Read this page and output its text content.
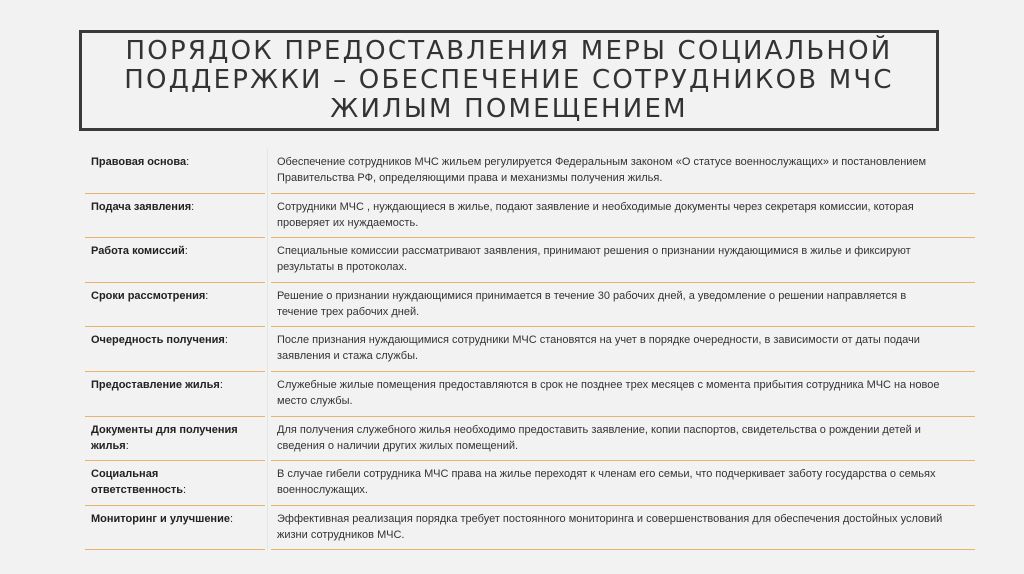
ПОРЯДОК ПРЕДОСТАВЛЕНИЯ МЕРЫ СОЦИАЛЬНОЙ ПОДДЕРЖКИ – ОБЕСПЕЧЕНИЕ СОТРУДНИКОВ МЧС ЖИЛЫМ ПОМЕЩЕНИЕМ
Правовая основа:	Обеспечение сотрудников МЧС жильем регулируется Федеральным законом «О статусе военнослужащих» и постановлением Правительства РФ, определяющими права и механизмы получения жилья.
Подача заявления:	Сотрудники МЧС , нуждающиеся в жилье, подают заявление и необходимые документы через секретаря комиссии, которая проверяет их нуждаемость.
Работа комиссий:	Специальные комиссии рассматривают заявления, принимают решения о признании нуждающимися в жилье и фиксируют результаты в протоколах.
Сроки рассмотрения:	Решение о признании нуждающимися принимается в течение 30 рабочих дней, а уведомление о решении направляется в течение трех рабочих дней.
Очередность получения:	После признания нуждающимися сотрудники МЧС становятся на учет в порядке очередности, в зависимости от даты подачи заявления и стажа службы.
Предоставление жилья:	Служебные жилые помещения предоставляются в срок не позднее трех месяцев с момента прибытия сотрудника МЧС на новое место службы.
Документы для получения жилья:
Для получения служебного жилья необходимо предоставить заявление, копии паспортов, свидетельства о рождении детей и сведения о наличии других жилых помещений.
Социальная ответственность:
В случае гибели сотрудника МЧС права на жилье переходят к членам его семьи, что подчеркивает заботу государства о семьях военнослужащих.
Мониторинг и улучшение:	Эффективная реализация порядка требует постоянного мониторинга и совершенствования для обеспечения достойных условий жизни сотрудников МЧС.
